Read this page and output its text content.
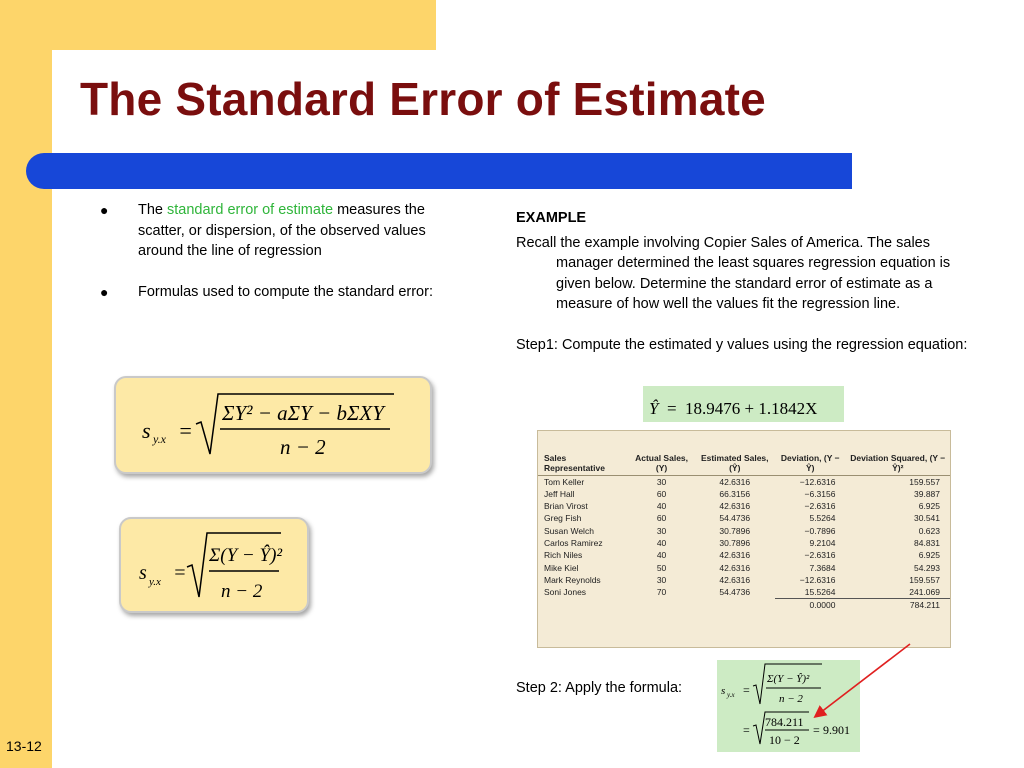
The Standard Error of Estimate
● The standard error of estimate measures the scatter, or dispersion, of the observed values around the line of regression
● Formulas used to compute the standard error:
s y.x =
ΣY² − aΣY − bΣXY
n − 2
s y.x =
Σ(Y − Ŷ)²
n − 2
EXAMPLE
Recall the example involving Copier Sales of America. The sales manager determined the least squares regression equation is given below. Determine the standard error of estimate as a measure of how well the values fit the regression line.
Step1: Compute the estimated y values using the regression equation:
Ŷ = 18.9476 + 1.1842X
Sales Representative	Actual Sales, (Y)	Estimated Sales, (Ŷ)	Deviation, (Y − Ŷ)	Deviation Squared, (Y − Ŷ)²
Tom Keller	30	42.6316	−12.6316	159.557
Jeff Hall	60	66.3156	−6.3156	39.887
Brian Virost	40	42.6316	−2.6316	6.925
Greg Fish	60	54.4736	5.5264	30.541
Susan Welch	30	30.7896	−0.7896	0.623
Carlos Ramirez	40	30.7896	9.2104	84.831
Rich Niles	40	42.6316	−2.6316	6.925
Mike Kiel	50	42.6316	7.3684	54.293
Mark Reynolds	30	42.6316	−12.6316	159.557
Soni Jones	70	54.4736	15.5264	241.069
			0.0000	784.211
Step 2: Apply the formula:	s y.x =
Σ(Y − Ŷ)²
n − 2
=
784.211
10 − 2
= 9.901
13-12
